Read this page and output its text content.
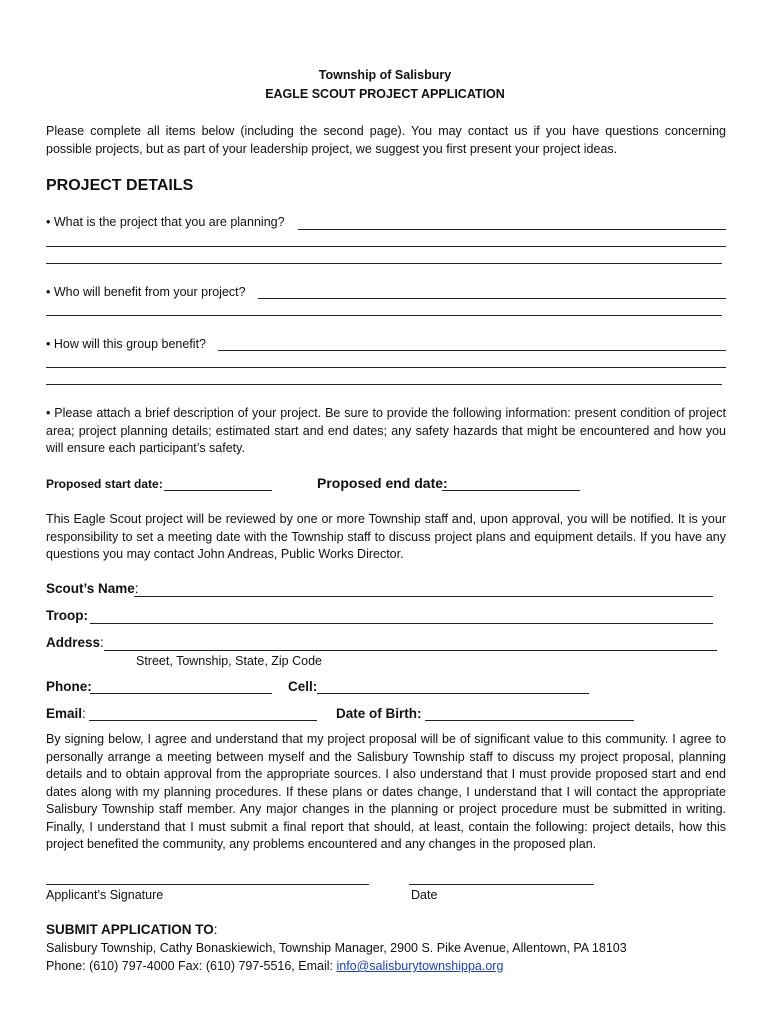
Township of Salisbury
EAGLE SCOUT PROJECT APPLICATION
Please complete all items below (including the second page). You may contact us if you have questions concerning possible projects, but as part of your leadership project, we suggest you first present your project ideas.
PROJECT DETAILS
• What is the project that you are planning?
• Who will benefit from your project?
• How will this group benefit?
• Please attach a brief description of your project. Be sure to provide the following information: present condition of project area; project planning details; estimated start and end dates; any safety hazards that might be encountered and how you will ensure each participant’s safety.
Proposed start date:	Proposed end date:
This Eagle Scout project will be reviewed by one or more Township staff and, upon approval, you will be notified. It is your responsibility to set a meeting date with the Township staff to discuss project plans and equipment details. If you have any questions you may contact John Andreas, Public Works Director.
Scout’s Name:
Troop:
Address:
Street, Township, State, Zip Code
Phone:	Cell:
Email:	Date of Birth:
By signing below, I agree and understand that my project proposal will be of significant value to this community. I agree to personally arrange a meeting between myself and the Salisbury Township staff to discuss my project proposal, planning details and to obtain approval from the appropriate sources. I also understand that I must provide proposed start and end dates along with my planning procedures. If these plans or dates change, I understand that I will contact the appropriate Salisbury Township staff member. Any major changes in the planning or project procedure must be submitted in writing. Finally, I understand that I must submit a final report that should, at least, contain the following: project details, how this project benefited the community, any problems encountered and any changes in the proposed plan.
Applicant’s Signature	Date
SUBMIT APPLICATION TO:
Salisbury Township, Cathy Bonaskiewich, Township Manager, 2900 S. Pike Avenue, Allentown, PA 18103
Phone: (610) 797-4000 Fax: (610) 797-5516, Email: info@salisburytownshippa.org
